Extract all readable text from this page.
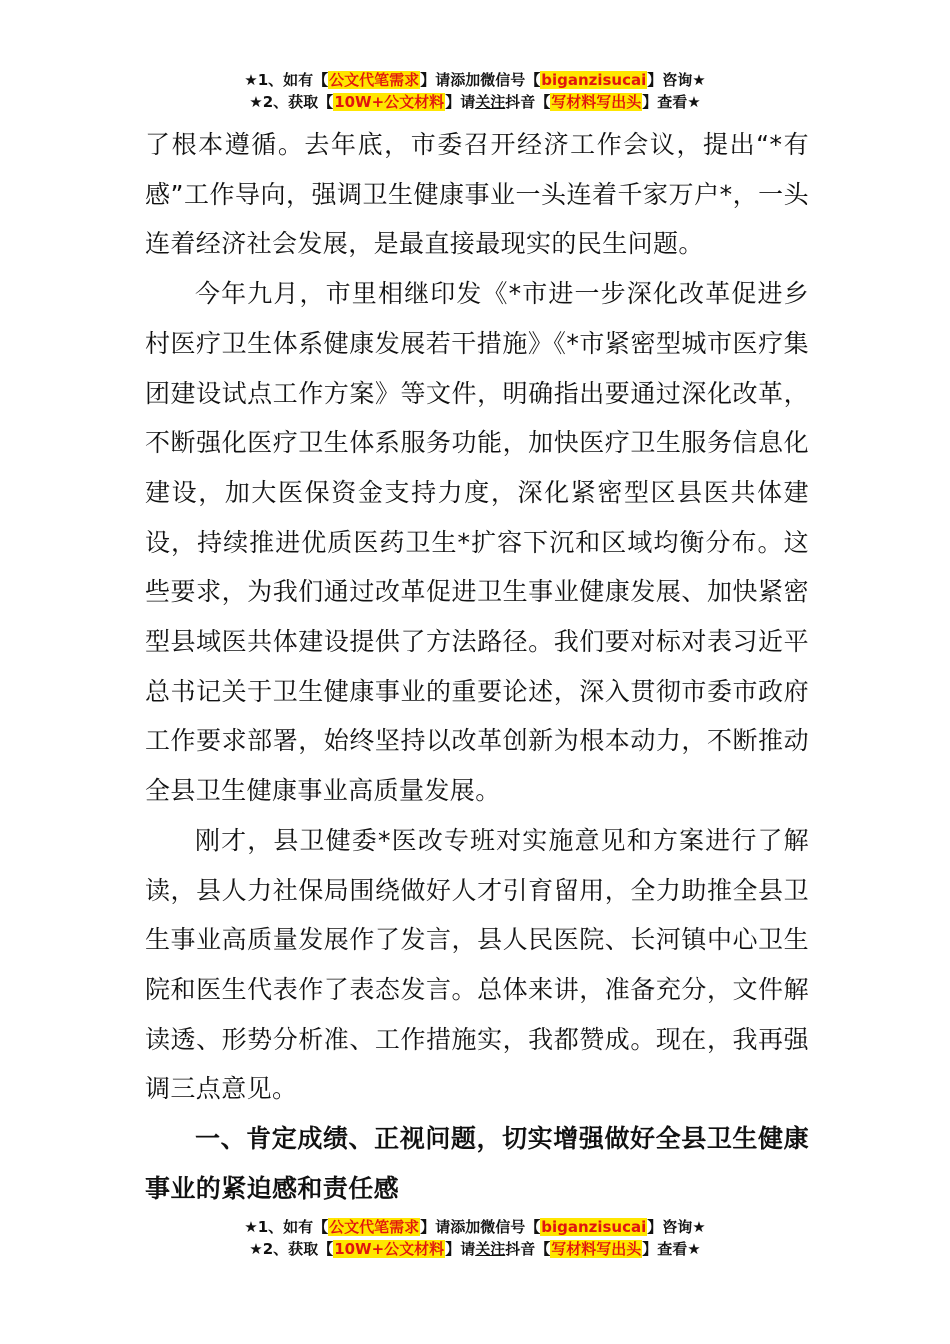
★1、如有【公文代笔需求】请添加微信号【biganzisucai】咨询★
★2、获取【10W+公文材料】请关注抖音【写材料写出头】查看★

了根本遵循。去年底，市委召开经济工作会议，提出“*有感”工作导向，强调卫生健康事业一头连着千家万户*，一头连着经济社会发展，是最直接最现实的民生问题。

今年九月，市里相继印发《*市进一步深化改革促进乡村医疗卫生体系健康发展若干措施》《*市紧密型城市医疗集团建设试点工作方案》等文件，明确指出要通过深化改革，不断强化医疗卫生体系服务功能，加快医疗卫生服务信息化建设，加大医保资金支持力度，深化紧密型区县医共体建设，持续推进优质医药卫生*扩容下沉和区域均衡分布。这些要求，为我们通过改革促进卫生事业健康发展、加快紧密型县域医共体建设提供了方法路径。我们要对标对表习近平总书记关于卫生健康事业的重要论述，深入贯彻市委市政府工作要求部署，始终坚持以改革创新为根本动力，不断推动全县卫生健康事业高质量发展。

刚才，县卫健委*医改专班对实施意见和方案进行了解读，县人力社保局围绕做好人才引育留用，全力助推全县卫生事业高质量发展作了发言，县人民医院、长河镇中心卫生院和医生代表作了表态发言。总体来讲，准备充分，文件解读透、形势分析准、工作措施实，我都赞成。现在，我再强调三点意见。

一、肯定成绩、正视问题，切实增强做好全县卫生健康事业的紧迫感和责任感

★1、如有【公文代笔需求】请添加微信号【biganzisucai】咨询★
★2、获取【10W+公文材料】请关注抖音【写材料写出头】查看★
